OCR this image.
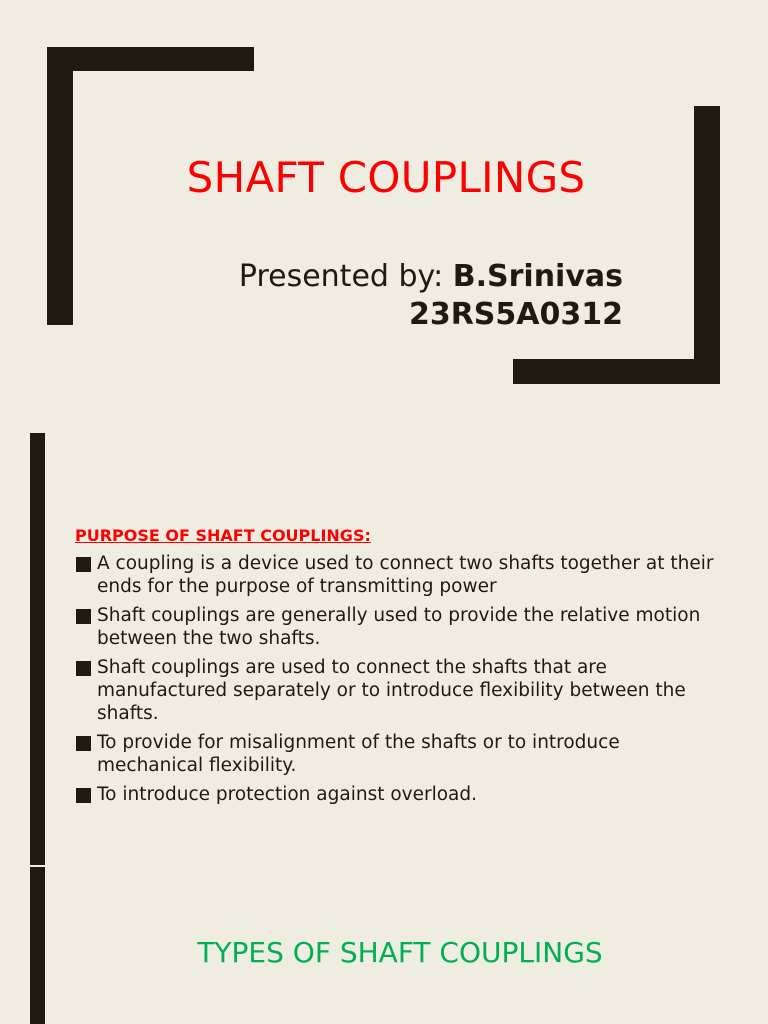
SHAFT COUPLINGS
Presented by: B.Srinivas
23RS5A0312
PURPOSE OF SHAFT COUPLINGS:
A coupling is a device used to connect two shafts together at their ends for the purpose of transmitting power
Shaft couplings are generally used to provide the relative motion between the two shafts.
Shaft couplings are used to connect the shafts that are manufactured separately or to introduce flexibility between the shafts.
To provide for misalignment of the shafts or to introduce mechanical flexibility.
To introduce protection against overload.
TYPES OF SHAFT COUPLINGS
